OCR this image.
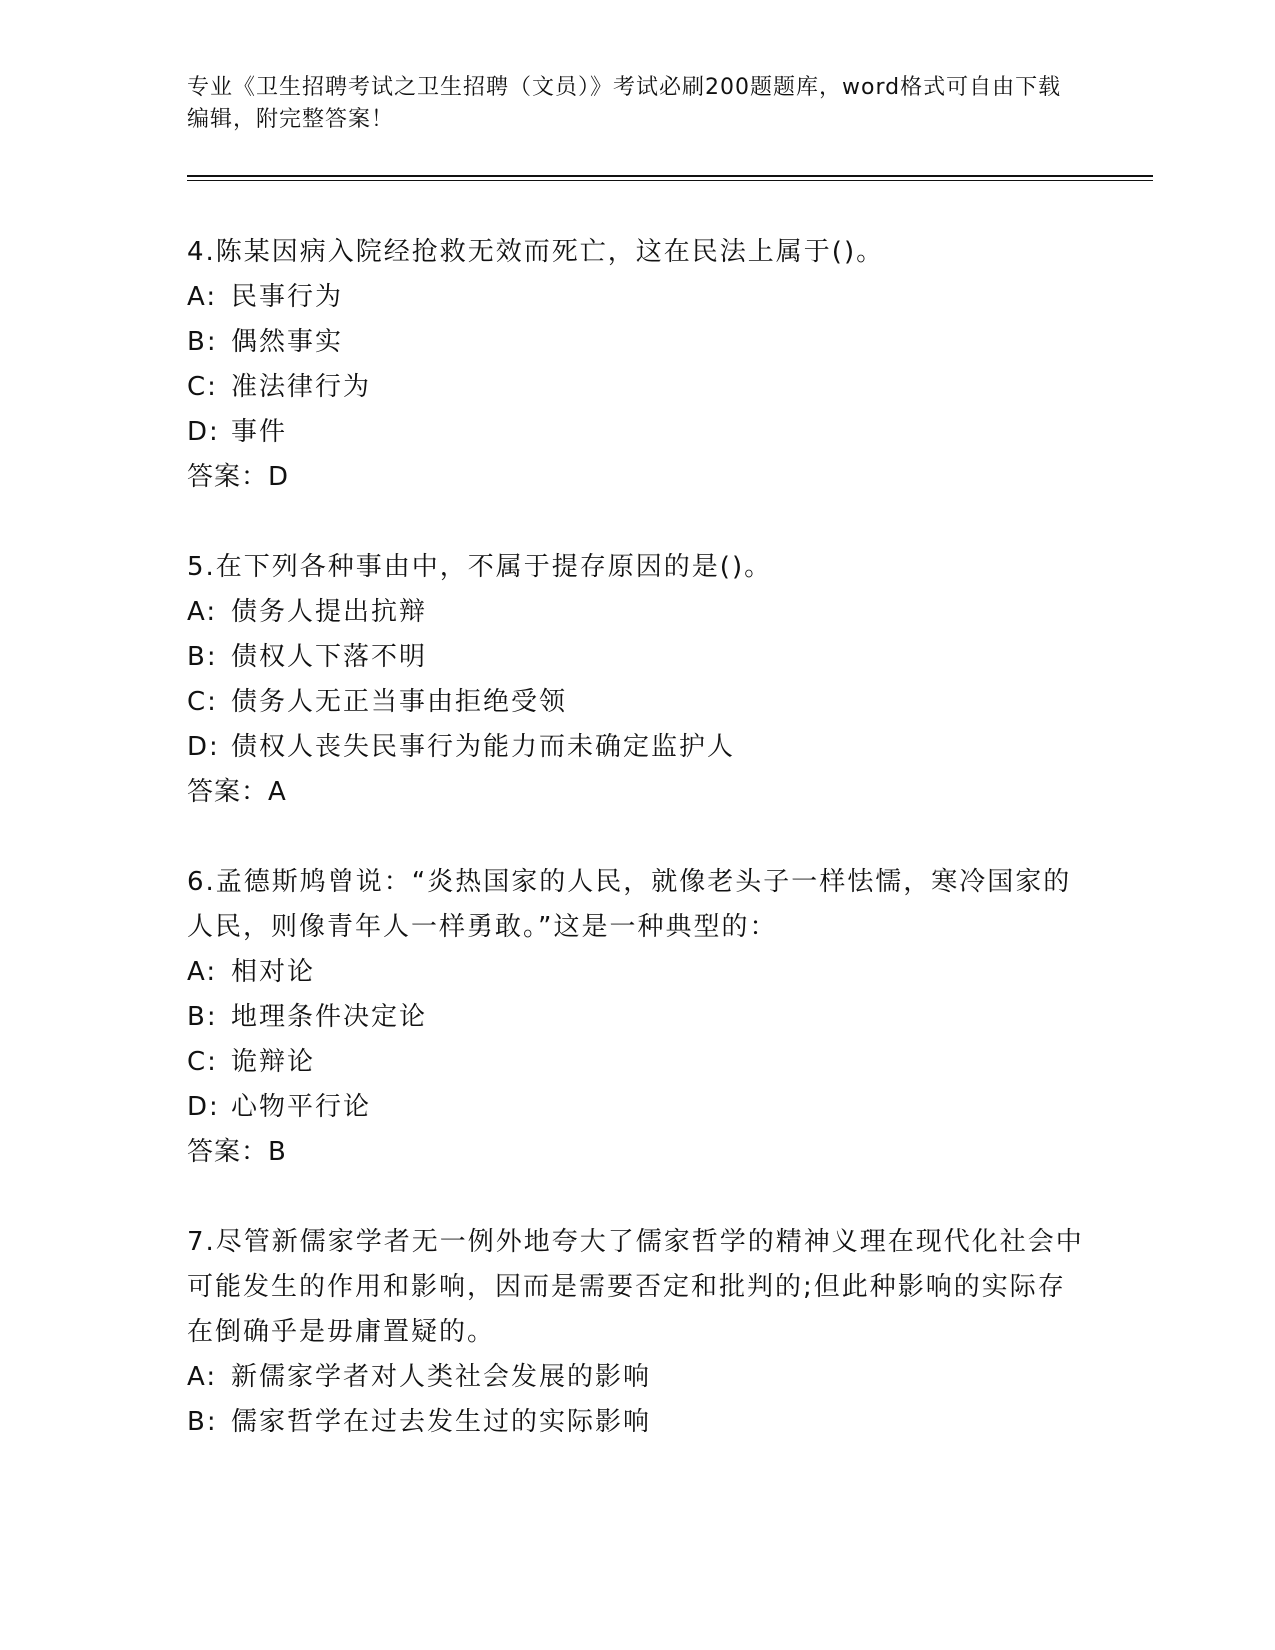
专业《卫生招聘考试之卫生招聘（文员）》考试必刷200题题库，word格式可自由下载编辑，附完整答案！

4.陈某因病入院经抢救无效而死亡，这在民法上属于()。

A: 民事行为

B: 偶然事实

C: 准法律行为

D: 事件

答案：D

5.在下列各种事由中，不属于提存原因的是()。

A: 债务人提出抗辩

B: 债权人下落不明

C: 债务人无正当事由拒绝受领

D: 债权人丧失民事行为能力而未确定监护人

答案：A

6.孟德斯鸠曾说：“炎热国家的人民，就像老头子一样怯懦，寒冷国家的人民，则像青年人一样勇敢。”这是一种典型的：

A: 相对论

B: 地理条件决定论

C: 诡辩论

D: 心物平行论

答案：B

7.尽管新儒家学者无一例外地夸大了儒家哲学的精神义理在现代化社会中可能发生的作用和影响，因而是需要否定和批判的;但此种影响的实际存在倒确乎是毋庸置疑的。

A: 新儒家学者对人类社会发展的影响

B: 儒家哲学在过去发生过的实际影响
